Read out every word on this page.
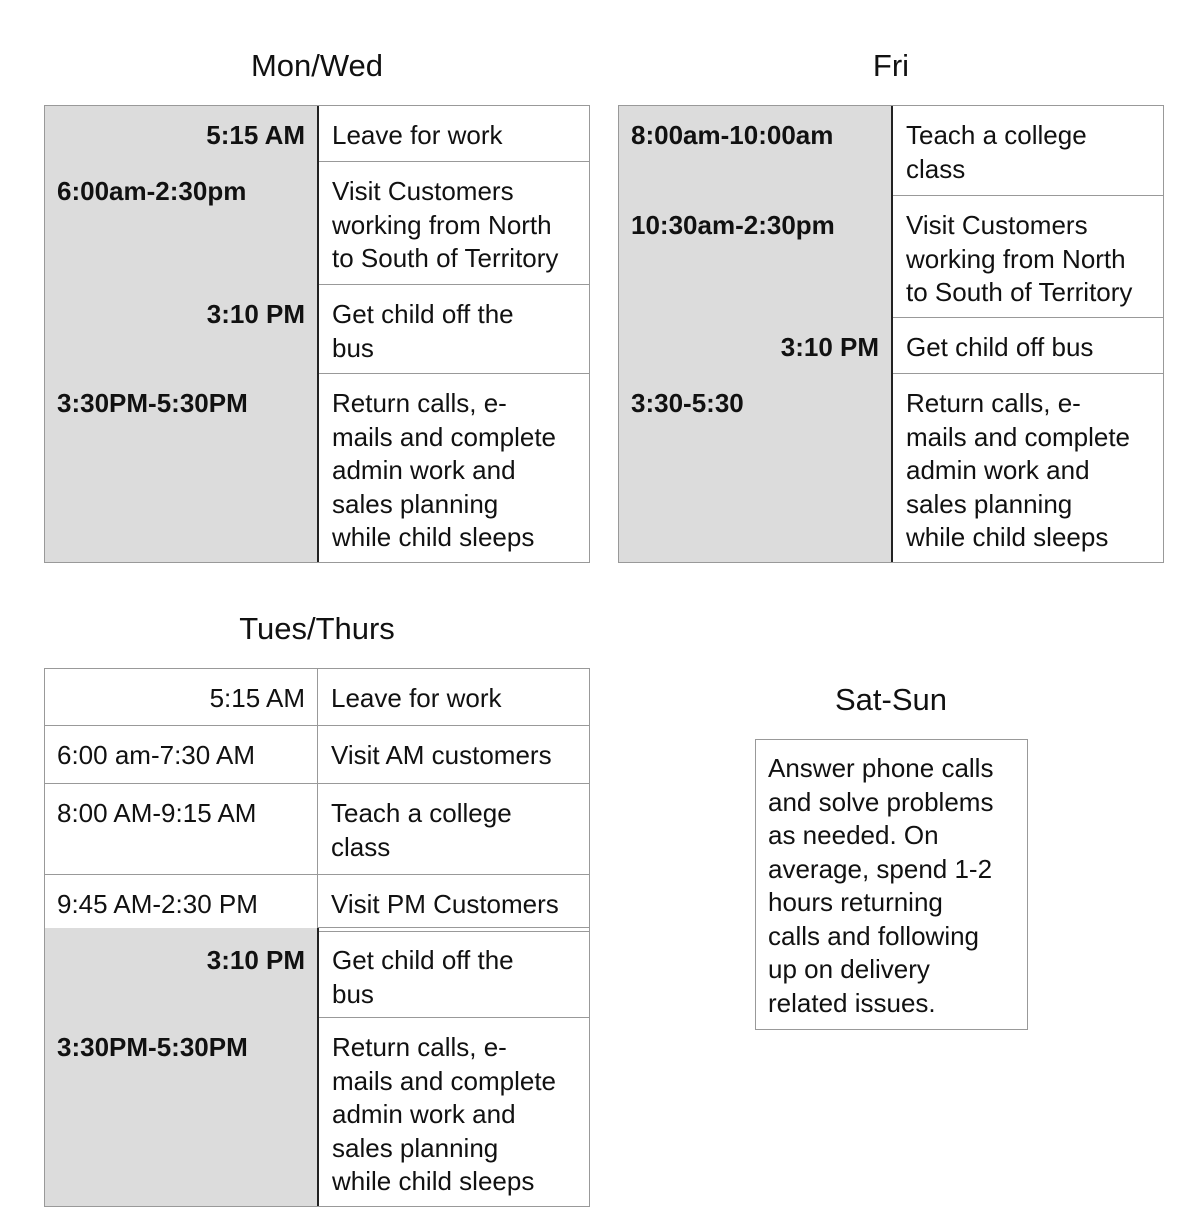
Mon/Wed
5:15 AM	Leave for work
6:00am-2:30pm	Visit Customers
working from North
to South of Territory
3:10 PM	Get child off the
bus
3:30PM-5:30PM	Return calls, e-
mails and complete
admin work and
sales planning
while child sleeps
Fri
8:00am-10:00am	Teach a college
class
10:30am-2:30pm	Visit Customers
working from North
to South of Territory
3:10 PM	Get child off bus
3:30-5:30	Return calls, e-
mails and complete
admin work and
sales planning
while child sleeps
Tues/Thurs
5:15 AM	Leave for work
6:00 am-7:30 AM	Visit AM customers
8:00 AM-9:15 AM	Teach a college
class
9:45 AM-2:30 PM	Visit PM Customers
3:10 PM	Get child off the
bus
3:30PM-5:30PM	Return calls, e-
mails and complete
admin work and
sales planning
while child sleeps
Sat-Sun
Answer phone calls
and solve problems
as needed. On
average, spend 1-2
hours returning
calls and following
up on delivery
related issues.
